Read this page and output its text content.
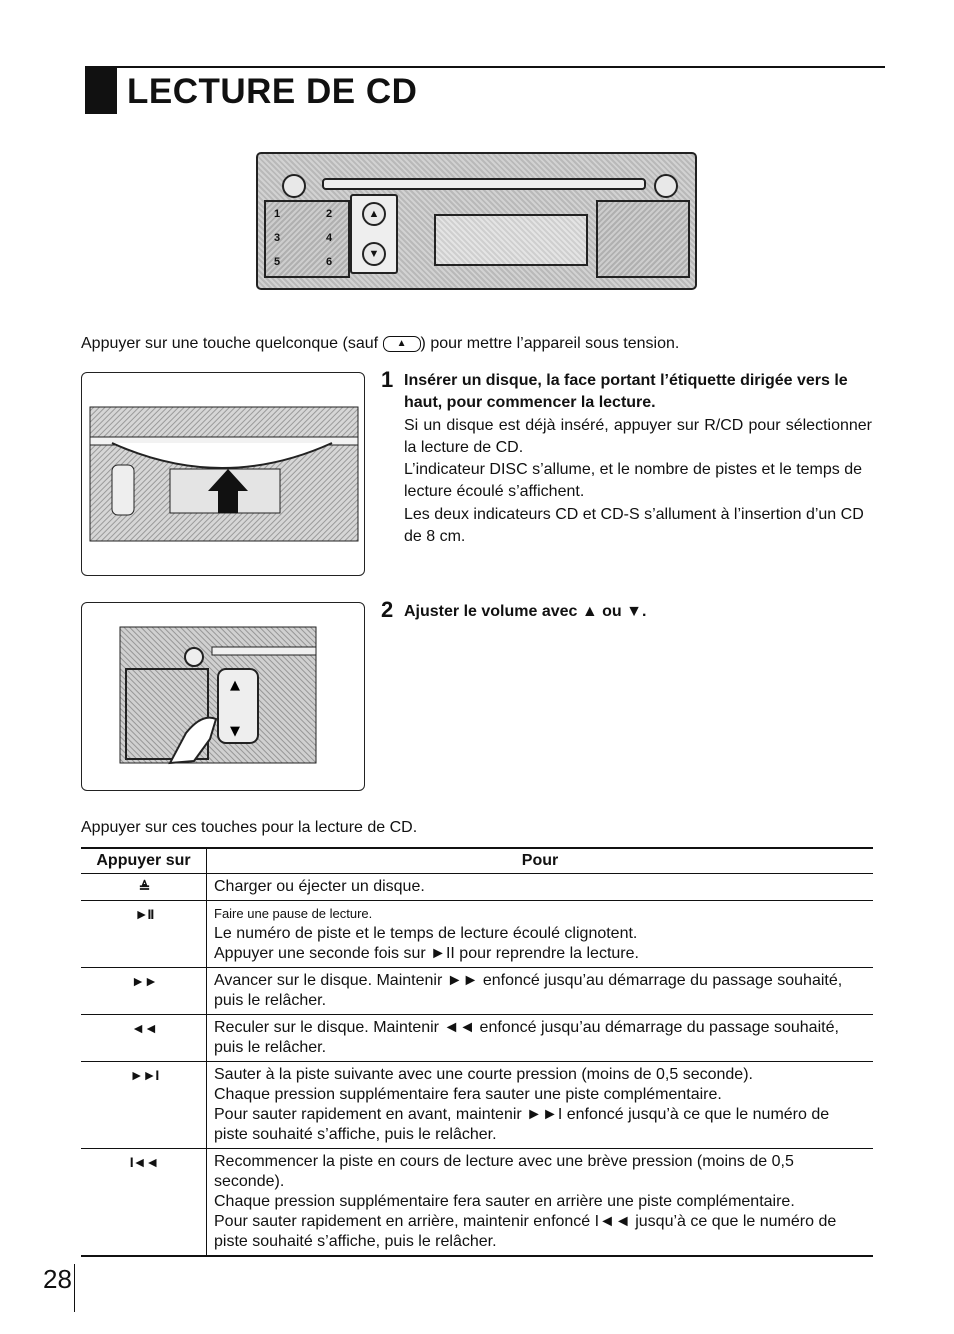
LECTURE DE CD
1	2
3	4
5	6
▲
▼
Appuyer sur une touche quelconque (sauf ▲ ) pour mettre l’appareil sous tension.
1 Insérer un disque, la face portant l’étiquette dirigée vers le haut, pour commencer la lecture.
Si un disque est déjà inséré, appuyer sur R/CD pour sélectionner la lecture de CD.
L’indicateur DISC s’allume, et le nombre de pistes et le temps de lecture écoulé s’affichent.
Les deux indicateurs CD et CD-S s’allument à l’insertion d’un CD de 8 cm.
▲
▼
2 Ajuster le volume avec ▲ ou ▼.
Appuyer sur ces touches pour la lecture de CD.
Appuyer sur	Pour
≜	Charger ou éjecter un disque.

►II	Faire une pause de lecture.
Le numéro de piste et le temps de lecture écoulé clignotent.
Appuyer une seconde fois sur ►II pour reprendre la lecture.

►►	Avancer sur le disque. Maintenir ►► enfoncé jusqu’au démarrage du passage souhaité, puis le relâcher.

◄◄	Reculer sur le disque. Maintenir ◄◄ enfoncé jusqu’au démarrage du passage souhaité, puis le relâcher.

►►I	Sauter à la piste suivante avec une courte pression (moins de 0,5 seconde).
Chaque pression supplémentaire fera sauter une piste complémentaire.
Pour sauter rapidement en avant, maintenir ►►I enfoncé jusqu’à ce que le numéro de piste souhaité s’affiche, puis le relâcher.

I◄◄	Recommencer la piste en cours de lecture avec une brève pression (moins de 0,5 seconde).
Chaque pression supplémentaire fera sauter en arrière une piste complémentaire.
Pour sauter rapidement en arrière, maintenir enfoncé I◄◄ jusqu’à ce que le numéro de piste souhaité s’affiche, puis le relâcher.
28
